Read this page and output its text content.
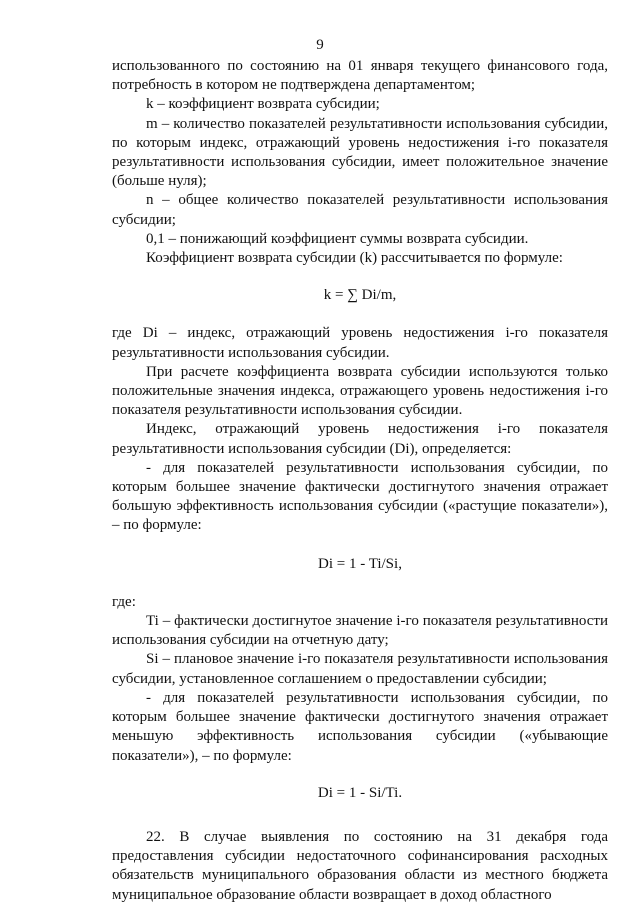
9

использованного по состоянию на 01 января текущего финансового года, потребность в котором не подтверждена департаментом;

k – коэффициент возврата субсидии;

m – количество показателей результативности использования субсидии, по которым индекс, отражающий уровень недостижения i-го показателя результативности использования субсидии, имеет положительное значение (больше нуля);

n – общее количество показателей результативности использования субсидии;

0,1 – понижающий коэффициент суммы возврата субсидии.

Коэффициент возврата субсидии (k) рассчитывается по формуле:

k = ∑ Di/m,

где Di – индекс, отражающий уровень недостижения i-го показателя результативности использования субсидии.

При расчете коэффициента возврата субсидии используются только положительные значения индекса, отражающего уровень недостижения i-го показателя результативности использования субсидии.

Индекс, отражающий уровень недостижения i-го показателя результативности использования субсидии (Di), определяется:

- для показателей результативности использования субсидии, по которым большее значение фактически достигнутого значения отражает большую эффективность использования субсидии («растущие показатели»), – по формуле:

Di = 1 - Ti/Si,

где:

Ti – фактически достигнутое значение i-го показателя результативности использования субсидии на отчетную дату;

Si – плановое значение i-го показателя результативности использования субсидии, установленное соглашением о предоставлении субсидии;

- для показателей результативности использования субсидии, по которым большее значение фактически достигнутого значения отражает меньшую эффективность использования субсидии («убывающие показатели»), – по формуле:

Di = 1 - Si/Ti.

22. В случае выявления по состоянию на 31 декабря года предоставления субсидии недостаточного софинансирования расходных обязательств муниципального образования области из местного бюджета муниципальное образование области возвращает в доход областного
